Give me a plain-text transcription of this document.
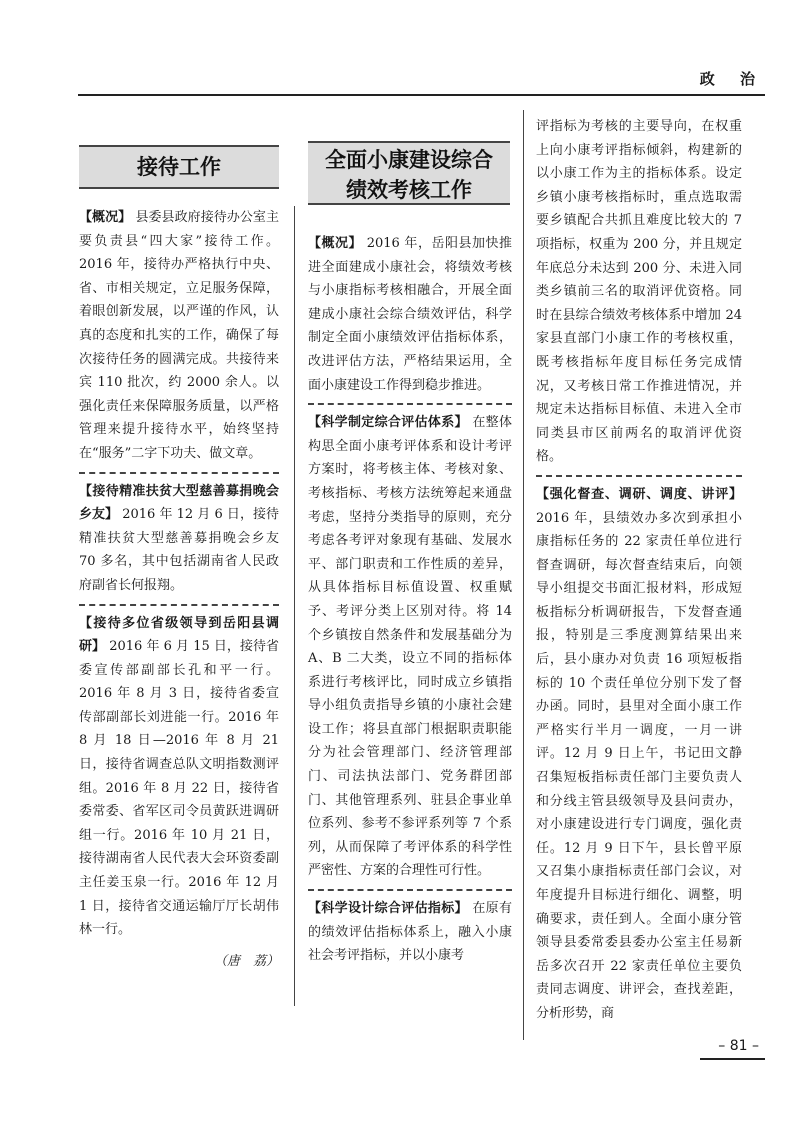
政 治
接待工作

【概况】 县委县政府接待办公室主要负责县“四大家”接待工作。2016 年，接待办严格执行中央、省、市相关规定，立足服务保障，着眼创新发展，以严谨的作风，认真的态度和扎实的工作，确保了每次接待任务的圆满完成。共接待来宾 110 批次，约 2000 余人。以强化责任来保障服务质量，以严格管理来提升接待水平，始终坚持在“服务”二字下功夫、做文章。

【接待精准扶贫大型慈善募捐晚会乡友】 2016 年 12 月 6 日，接待精准扶贫大型慈善募捐晚会乡友 70 多名，其中包括湖南省人民政府副省长何报翔。

【接待多位省级领导到岳阳县调研】 2016 年 6 月 15 日，接待省委宣传部副部长孔和平一行。2016 年 8 月 3 日，接待省委宣传部副部长刘进能一行。2016 年 8 月 18 日—2016 年 8 月 21 日，接待省调查总队文明指数测评组。2016 年 8 月 22 日，接待省委常委、省军区司令员黄跃进调研组一行。2016 年 10 月 21 日，接待湖南省人民代表大会环资委副主任姜玉泉一行。2016 年 12 月 1 日，接待省交通运输厅厅长胡伟林一行。

（唐　荔）
全面小康建设综合
绩效考核工作

【概况】 2016 年，岳阳县加快推进全面建成小康社会，将绩效考核与小康指标考核相融合，开展全面建成小康社会综合绩效评估，科学制定全面小康绩效评估指标体系，改进评估方法，严格结果运用，全面小康建设工作得到稳步推进。

【科学制定综合评估体系】 在整体构思全面小康考评体系和设计考评方案时，将考核主体、考核对象、考核指标、考核方法统筹起来通盘考虑，坚持分类指导的原则，充分考虑各考评对象现有基础、发展水平、部门职责和工作性质的差异，从具体指标目标值设置、权重赋予、考评分类上区别对待。将 14 个乡镇按自然条件和发展基础分为 A、B 二大类，设立不同的指标体系进行考核评比，同时成立乡镇指导小组负责指导乡镇的小康社会建设工作；将县直部门根据职责职能分为社会管理部门、经济管理部门、司法执法部门、党务群团部门、其他管理系列、驻县企事业单位系列、参考不参评系列等 7 个系列，从而保障了考评体系的科学性严密性、方案的合理性可行性。

【科学设计综合评估指标】 在原有的绩效评估指标体系上，融入小康社会考评指标，并以小康考

评指标为考核的主要导向，在权重上向小康考评指标倾斜，构建新的以小康工作为主的指标体系。设定乡镇小康考核指标时，重点选取需要乡镇配合共抓且难度比较大的 7 项指标，权重为 200 分，并且规定年底总分未达到 200 分、未进入同类乡镇前三名的取消评优资格。同时在县综合绩效考核体系中增加 24 家县直部门小康工作的考核权重，既考核指标年度目标任务完成情况，又考核日常工作推进情况，并规定未达指标目标值、未进入全市同类县市区前两名的取消评优资格。

【强化督查、调研、调度、讲评】 2016 年，县绩效办多次到承担小康指标任务的 22 家责任单位进行督查调研，每次督查结束后，向领导小组提交书面汇报材料，形成短板指标分析调研报告，下发督查通报，特别是三季度测算结果出来后，县小康办对负责 16 项短板指标的 10 个责任单位分别下发了督办函。同时，县里对全面小康工作严格实行半月一调度，一月一讲评。12 月 9 日上午，书记田文静召集短板指标责任部门主要负责人和分线主管县级领导及县问责办，对小康建设进行专门调度，强化责任。12 月 9 日下午，县长曾平原又召集小康指标责任部门会议，对年度提升目标进行细化、调整，明确要求，责任到人。全面小康分管领导县委常委县委办公室主任易新岳多次召开 22 家责任单位主要负责同志调度、讲评会，查找差距，分析形势，商

– 81 –
